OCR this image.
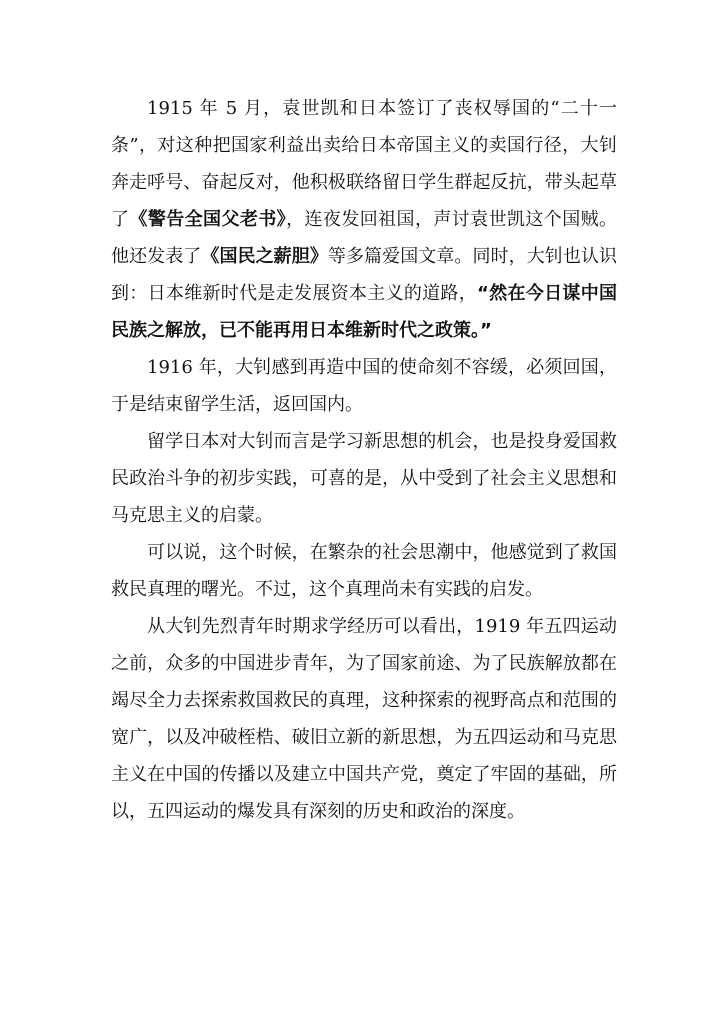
1915 年 5 月，袁世凯和日本签订了丧权辱国的“二十一条”，对这种把国家利益出卖给日本帝国主义的卖国行径，大钊奔走呼号、奋起反对，他积极联络留日学生群起反抗，带头起草了《警告全国父老书》，连夜发回祖国，声讨袁世凯这个国贼。他还发表了《国民之薪胆》等多篇爱国文章。同时，大钊也认识到：日本维新时代是走发展资本主义的道路，“然在今日谋中国民族之解放，已不能再用日本维新时代之政策。”

1916 年，大钊感到再造中国的使命刻不容缓，必须回国，于是结束留学生活，返回国内。

留学日本对大钊而言是学习新思想的机会，也是投身爱国救民政治斗争的初步实践，可喜的是，从中受到了社会主义思想和马克思主义的启蒙。

可以说，这个时候，在繁杂的社会思潮中，他感觉到了救国救民真理的曙光。不过，这个真理尚未有实践的启发。

从大钊先烈青年时期求学经历可以看出，1919 年五四运动之前，众多的中国进步青年，为了国家前途、为了民族解放都在竭尽全力去探索救国救民的真理，这种探索的视野高点和范围的宽广，以及冲破桎梏、破旧立新的新思想，为五四运动和马克思主义在中国的传播以及建立中国共产党，奠定了牢固的基础，所以，五四运动的爆发具有深刻的历史和政治的深度。
